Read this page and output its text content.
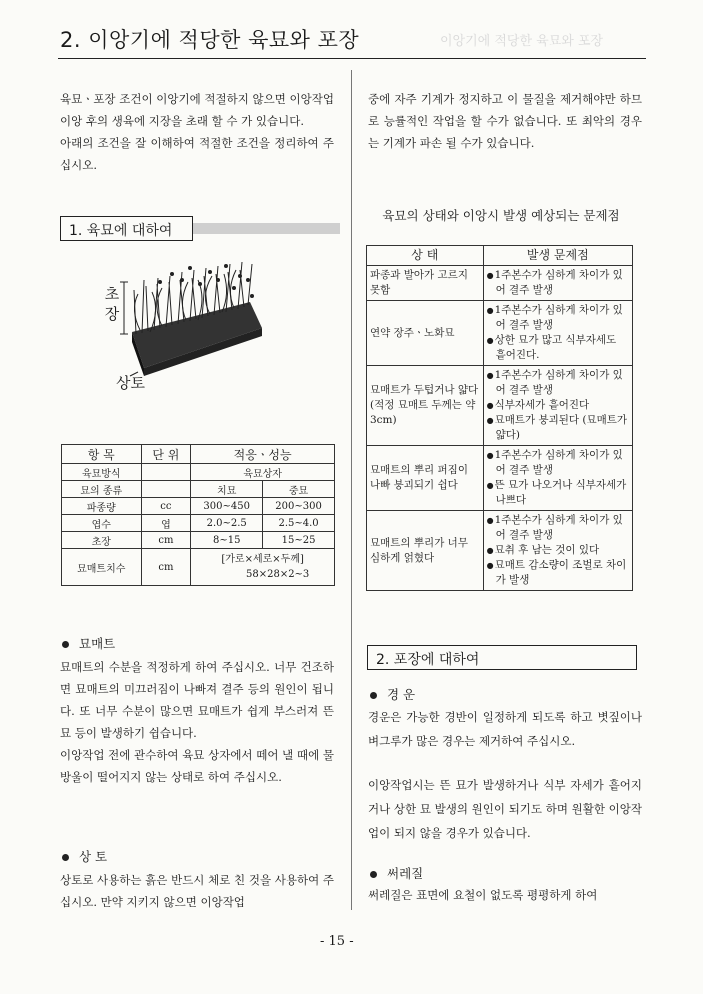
2. 이앙기에 적당한 육묘와 포장	이앙기에 적당한 육묘와 포장

육묘ㆍ포장 조건이 이앙기에 적절하지 않으면 이앙작업 이앙 후의 생육에 지장을 초래 할 수 가 있습니다.

아래의 조건을 잘 이해하여 적절한 조건을 정리하여 주십시오.

1. 육묘에 대하여
초장
상토
항 목	단 위	적응ㆍ성능	
육묘방식		육묘상자	
묘의 종류		치묘	중묘
파종량	cc	300~450	200~300
엽수	엽	2.0~2.5	2.5~4.0
초장	cm	8~15	15~25
묘매트치수	cm	[가로×세로×두께]
58×28×2~3	
묘매트

묘매트의 수분을 적정하게 하여 주십시오. 너무 건조하면 묘매트의 미끄러짐이 나빠져 결주 등의 원인이 됩니다. 또 너무 수분이 많으면 묘매트가 쉽게 부스러져 뜬묘 등이 발생하기 쉽습니다.

이앙작업 전에 관수하여 육묘 상자에서 떼어 낼 때에 물방울이 떨어지지 않는 상태로 하여 주십시오.

상 토

상토로 사용하는 흙은 반드시 체로 친 것을 사용하여 주십시오. 만약 지키지 않으면 이앙작업

중에 자주 기계가 정지하고 이 물질을 제거해야만 하므로 능률적인 작업을 할 수가 없습니다. 또 최악의 경우는 기계가 파손 될 수가 있습니다.

육묘의 상태와 이앙시 발생 예상되는 문제점
상 태	발생 문제점
파종과 발아가 고르지 못함	● 1주본수가 심하게 차이가 있어 결주 발생

연약 장주ㆍ노화묘	● 1주본수가 심하게 차이가 있어 결주 발생
● 상한 묘가 많고 식부자세도 흩어진다.

묘매트가 두텁거나 얇다 (적정 묘매트 두께는 약 3cm)	● 1주본수가 심하게 차이가 있어 결주 발생
● 식부자세가 흩어진다
● 묘매트가 붕괴된다 (묘매트가 얇다)

묘매트의 뿌리 퍼짐이 나빠 붕괴되기 쉽다	● 1주본수가 심하게 차이가 있어 결주 발생
● 뜬 묘가 나오거나 식부자세가 나쁘다

묘매트의 뿌리가 너무 심하게 얽혔다	● 1주본수가 심하게 차이가 있어 결주 발생
● 묘취 후 남는 것이 있다
● 묘매트 감소량이 조벌로 차이가 발생
2. 포장에 대하여
경 운

경운은 가능한 경반이 일정하게 되도록 하고 볏짚이나 벼그루가 많은 경우는 제거하여 주십시오.

이앙작업시는 뜬 묘가 발생하거나 식부 자세가 흩어지거나 상한 묘 발생의 원인이 되기도 하며 원활한 이앙작업이 되지 않을 경우가 있습니다.

써레질

써레질은 표면에 요철이 없도록 평평하게 하여

- 15 -
